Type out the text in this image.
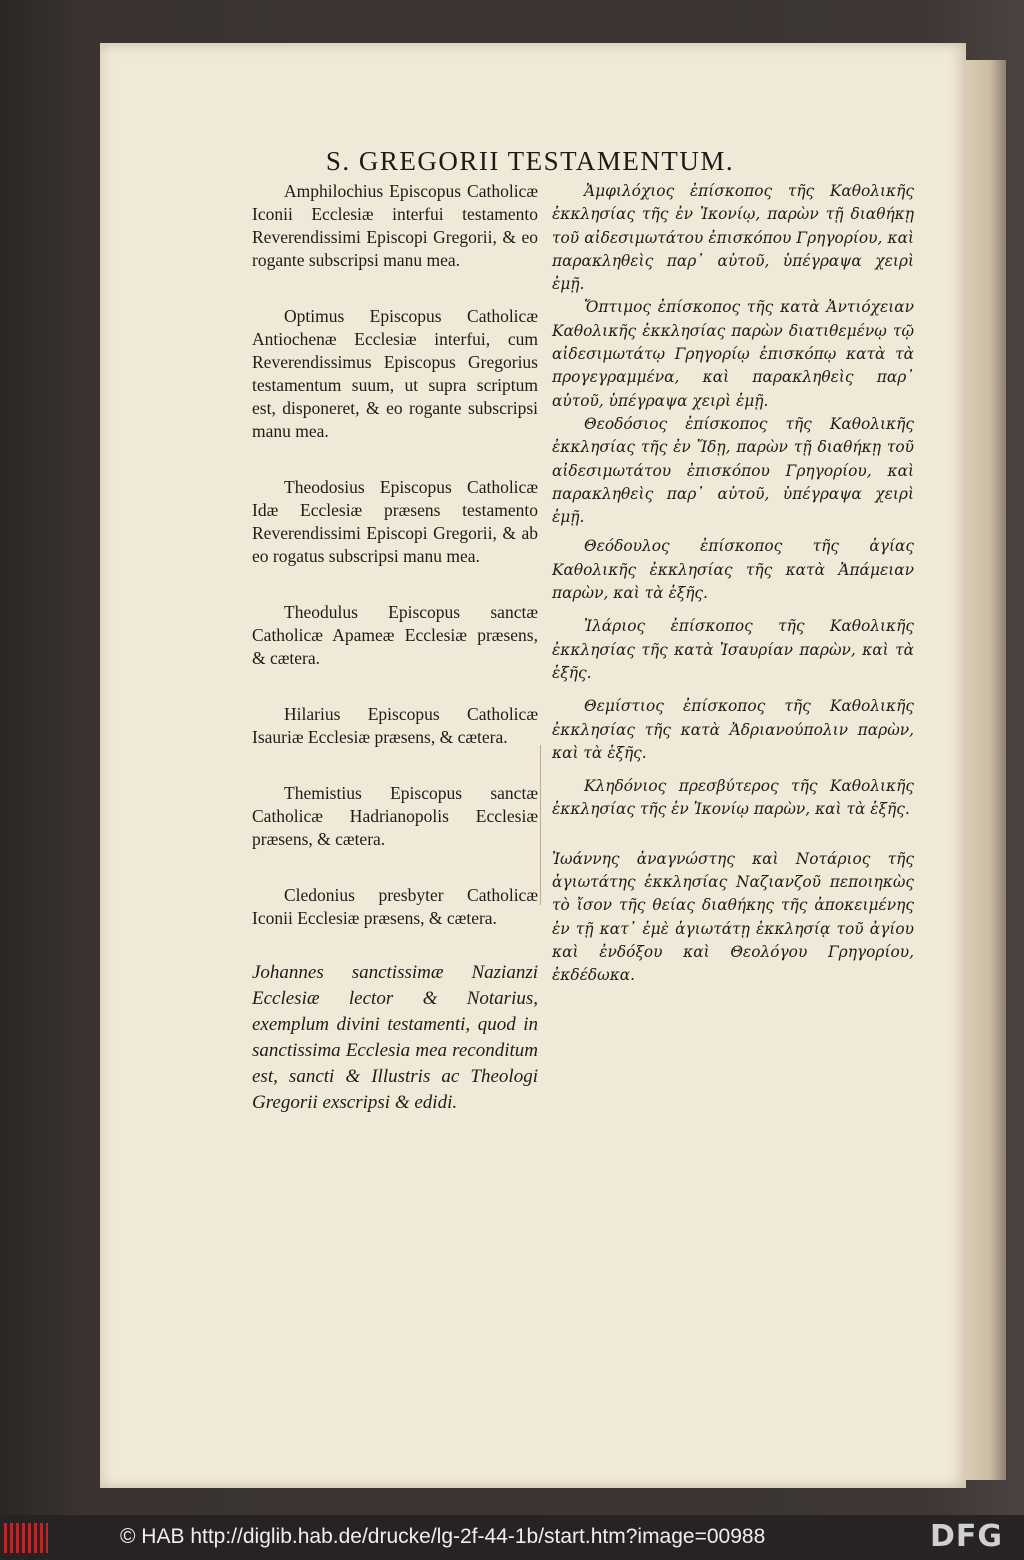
S. GREGORII TESTAMENTUM.

Amphilochius Episcopus Catholicæ Iconii Ecclesiæ interfui testamento Reverendissimi Episcopi Gregorii, & eo rogante subscripsi manu mea.

Optimus Episcopus Catholicæ Antiochenæ Ecclesiæ interfui, cum Reverendissimus Episcopus Gregorius testamentum suum, ut supra scriptum est, disponeret, & eo rogante subscripsi manu mea.

Theodosius Episcopus Catholicæ Idæ Ecclesiæ præsens testamento Reverendissimi Episcopi Gregorii, & ab eo rogatus subscripsi manu mea.

Theodulus Episcopus sanctæ Catholicæ Apameæ Ecclesiæ præsens, & cætera.

Hilarius Episcopus Catholicæ Isauriæ Ecclesiæ præsens, & cætera.

Themistius Episcopus sanctæ Catholicæ Hadrianopolis Ecclesiæ præsens, & cætera.

Cledonius presbyter Catholicæ Iconii Ecclesiæ præsens, & cætera.

Johannes sanctissimæ Nazianzi Ecclesiæ lector & Notarius, exemplum divini testamenti, quod in sanctissima Ecclesia mea reconditum est, sancti & Illustris ac Theologi Gregorii exscripsi & edidi.

Ἀμφιλόχιος ἐπίσκοπος τῆς Καθολικῆς ἐκκλησίας τῆς ἐν Ἰκονίῳ, παρὼν τῇ διαθήκῃ τοῦ αἰδεσιμωτάτου ἐπισκόπου Γρηγορίου, καὶ παρακληθεὶς παρ᾽ αὐτοῦ, ὑπέγραψα χειρὶ ἐμῇ.

Ὄπτιμος ἐπίσκοπος τῆς κατὰ Ἀντιόχειαν Καθολικῆς ἐκκλησίας παρὼν διατιθεμένῳ τῷ αἰδεσιμωτάτῳ Γρηγορίῳ ἐπισκόπῳ κατὰ τὰ προγεγραμμένα, καὶ παρακληθεὶς παρ᾽ αὐτοῦ, ὑπέγραψα χειρὶ ἐμῇ.

Θεοδόσιος ἐπίσκοπος τῆς Καθολικῆς ἐκκλησίας τῆς ἐν Ἴδῃ, παρὼν τῇ διαθήκῃ τοῦ αἰδεσιμωτάτου ἐπισκόπου Γρηγορίου, καὶ παρακληθεὶς παρ᾽ αὐτοῦ, ὑπέγραψα χειρὶ ἐμῇ.

Θεόδουλος ἐπίσκοπος τῆς ἁγίας Καθολικῆς ἐκκλησίας τῆς κατὰ Ἀπάμειαν παρὼν, καὶ τὰ ἑξῆς.

Ἰλάριος ἐπίσκοπος τῆς Καθολικῆς ἐκκλησίας τῆς κατὰ Ἰσαυρίαν παρὼν, καὶ τὰ ἑξῆς.

Θεμίστιος ἐπίσκοπος τῆς Καθολικῆς ἐκκλησίας τῆς κατὰ Ἀδριανούπολιν παρὼν, καὶ τὰ ἑξῆς.

Κληδόνιος πρεσβύτερος τῆς Καθολικῆς ἐκκλησίας τῆς ἐν Ἰκονίῳ παρὼν, καὶ τὰ ἑξῆς.

Ἰωάννης ἀναγνώστης καὶ Νοτάριος τῆς ἁγιωτάτης ἐκκλησίας Ναζιανζοῦ πεποιηκὼς τὸ ἴσον τῆς θείας διαθήκης τῆς ἀποκειμένης ἐν τῇ κατ᾽ ἐμὲ ἁγιωτάτῃ ἐκκλησίᾳ τοῦ ἁγίου καὶ ἐνδόξου καὶ Θεολόγου Γρηγορίου, ἐκδέδωκα.

© HAB http://diglib.hab.de/drucke/lg-2f-44-1b/start.htm?image=00988	DFG
